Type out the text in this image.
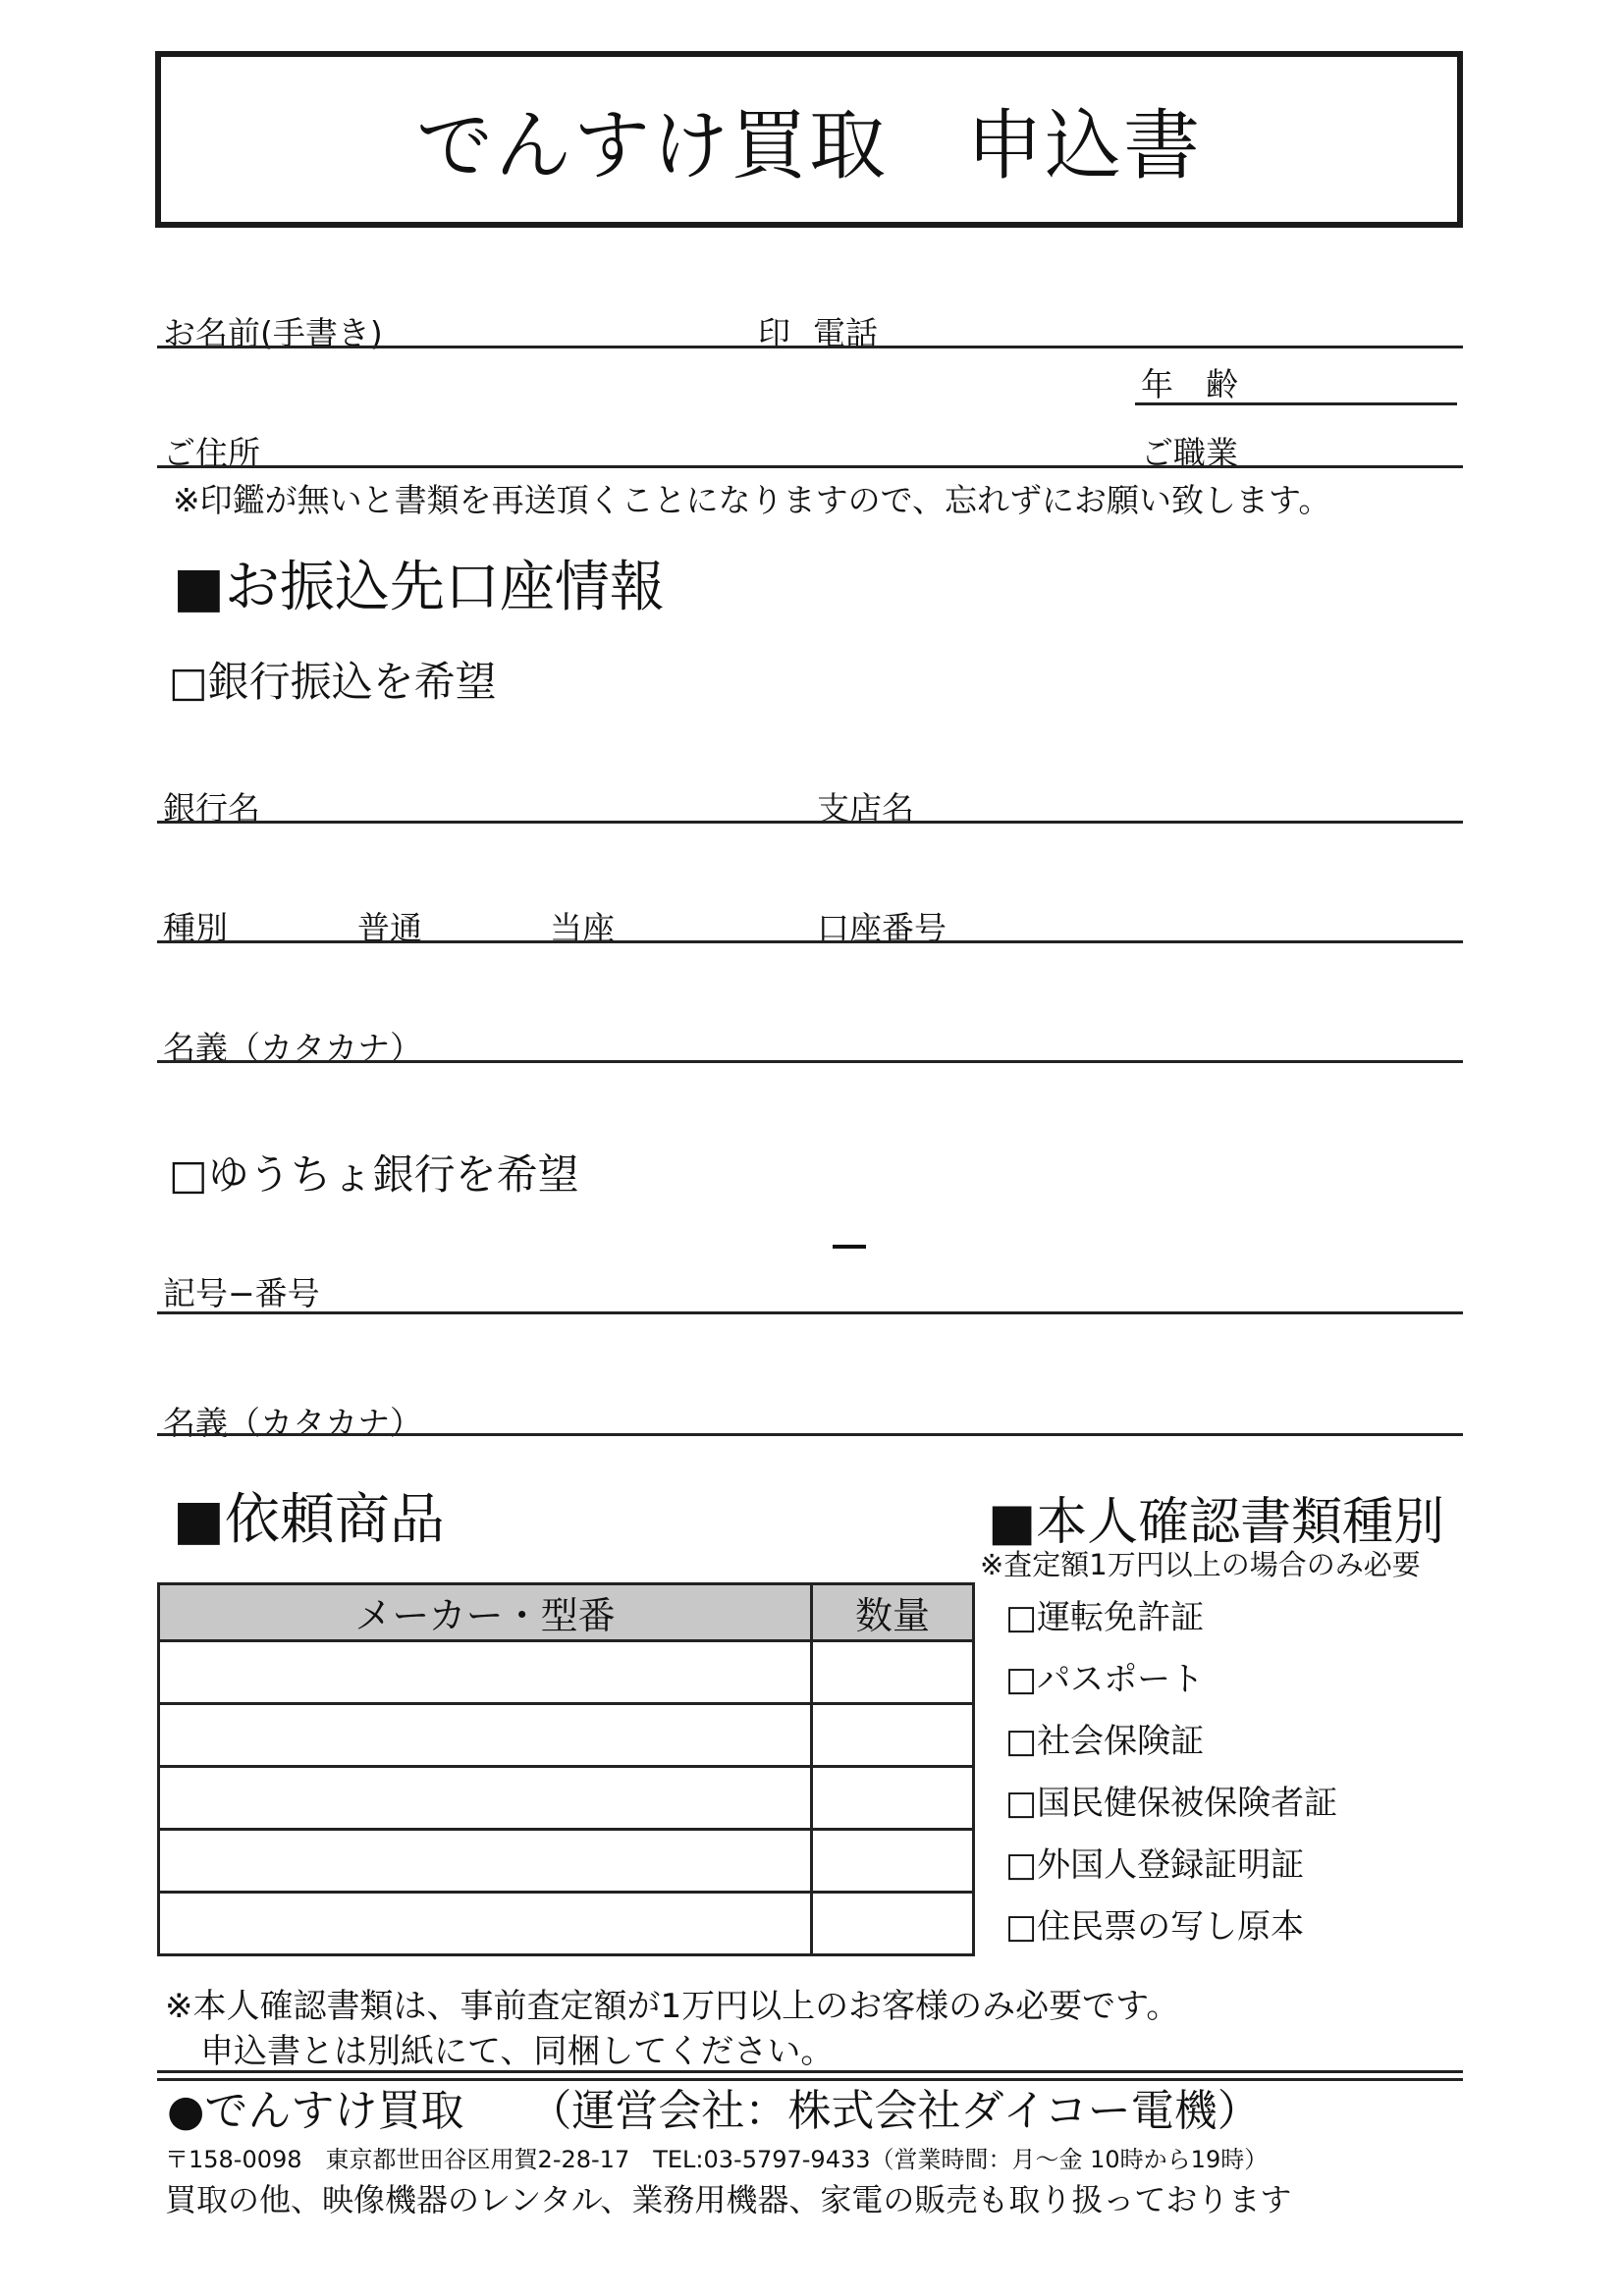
でんすけ買取　申込書
お名前(手書き)	印 電話
年　齢
ご住所	ご職業
※印鑑が無いと書類を再送頂くことになりますので、忘れずにお願い致します。
■お振込先口座情報
□銀行振込を希望
銀行名	支店名
種別	普通	当座	口座番号
名義（カタカナ）
□ゆうちょ銀行を希望
記号−番号
名義（カタカナ）
■依頼商品
メーカー・型番	数量

■本人確認書類種別
※査定額1万円以上の場合のみ必要
□運転免許証
□パスポート
□社会保険証
□国民健保被保険者証
□外国人登録証明証
□住民票の写し原本
※本人確認書類は、事前査定額が1万円以上のお客様のみ必要です。
申込書とは別紙にて、同梱してください。
●でんすけ買取　　（運営会社：株式会社ダイコー電機）
〒158-0098　東京都世田谷区用賀2-28-17　TEL:03-5797-9433（営業時間：月～金 10時から19時）
買取の他、映像機器のレンタル、業務用機器、家電の販売も取り扱っております
